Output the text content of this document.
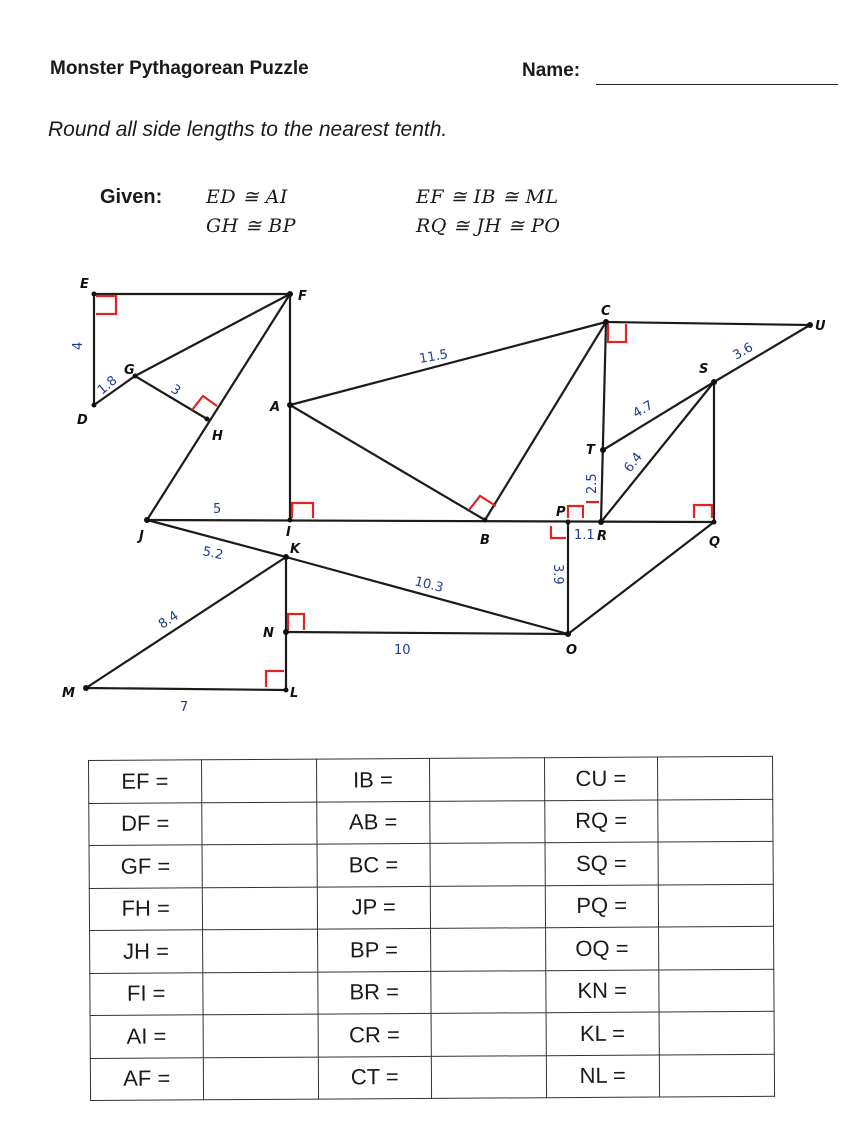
Monster Pythagorean Puzzle	Name:
Round all side lengths to the nearest tenth.
Given: ED ≅ AI
GH ≅ BP
EF ≅ IB ≅ ML
RQ ≅ JH ≅ PO
E
F
G
D
H
A
J	I
B
C
U
S
T
P
R	Q
K
N
O
M	L
4
1.8	3
5
11.5	3.6
4.7
6.4
2.5
1.1
3.9
5.2
10.3
8.4
10
7
EF =		IB =		CU =	
DF =		AB =		RQ =	
GF =		BC =		SQ =	
FH =		JP =		PQ =	
JH =		BP =		OQ =	
FI =		BR =		KN =	
AI =		CR =		KL =	
AF =		CT =		NL =	
